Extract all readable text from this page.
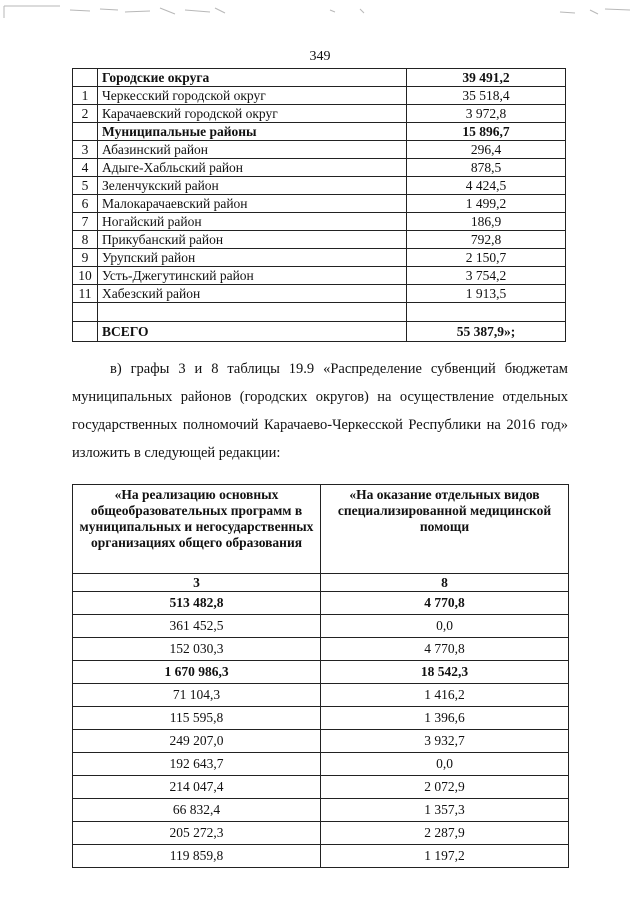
349
	Городские округа	39 491,2
1	Черкесский городской округ	35 518,4
2	Карачаевский городской округ	3 972,8
	Муниципальные районы	15 896,7
3	Абазинский район	296,4
4	Адыге-Хабльский район	878,5
5	Зеленчукский район	4 424,5
6	Малокарачаевский район	1 499,2
7	Ногайский район	186,9
8	Прикубанский район	792,8
9	Урупский район	2 150,7
10	Усть-Джегутинский район	3 754,2
11	Хабезский район	1 913,5

	ВСЕГО	55 387,9»;
в) графы 3 и 8 таблицы 19.9 «Распределение субвенций бюджетам муниципальных районов (городских округов) на осуществление отдельных государственных полномочий Карачаево-Черкесской Республики на 2016 год» изложить в следующей редакции:
«На реализацию основных общеобразовательных программ в муниципальных и негосударственных организациях общего образования	«На оказание отдельных видов специализированной медицинской помощи
3	8
513 482,8	4 770,8
361 452,5	0,0
152 030,3	4 770,8
1 670 986,3	18 542,3
71 104,3	1 416,2
115 595,8	1 396,6
249 207,0	3 932,7
192 643,7	0,0
214 047,4	2 072,9
66 832,4	1 357,3
205 272,3	2 287,9
119 859,8	1 197,2
